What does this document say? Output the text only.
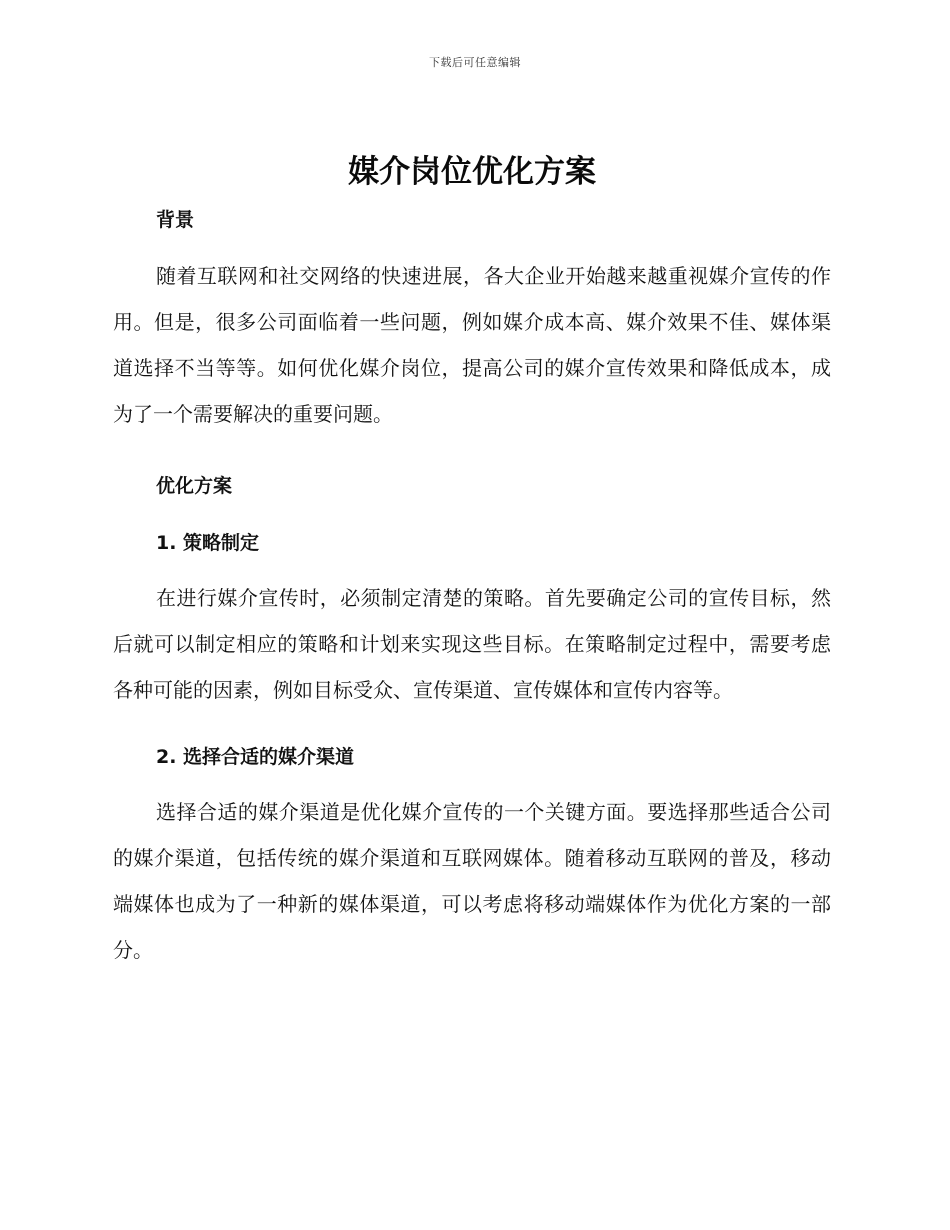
下载后可任意编辑
媒介岗位优化方案
背景

随着互联网和社交网络的快速进展，各大企业开始越来越重视媒介宣传的作用。但是，很多公司面临着一些问题，例如媒介成本高、媒介效果不佳、媒体渠道选择不当等等。如何优化媒介岗位，提高公司的媒介宣传效果和降低成本，成为了一个需要解决的重要问题。

优化方案
1. 策略制定

在进行媒介宣传时，必须制定清楚的策略。首先要确定公司的宣传目标，然后就可以制定相应的策略和计划来实现这些目标。在策略制定过程中，需要考虑各种可能的因素，例如目标受众、宣传渠道、宣传媒体和宣传内容等。

2. 选择合适的媒介渠道

选择合适的媒介渠道是优化媒介宣传的一个关键方面。要选择那些适合公司的媒介渠道，包括传统的媒介渠道和互联网媒体。随着移动互联网的普及，移动端媒体也成为了一种新的媒体渠道，可以考虑将移动端媒体作为优化方案的一部分。
